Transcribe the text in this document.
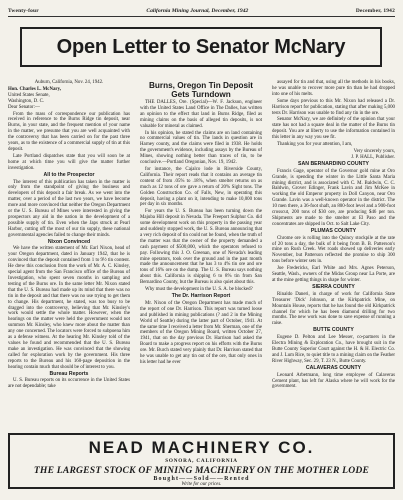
Twenty-four	California Mining Journal, December, 1942	December, 1942
Open Letter to Senator McNary
Auburn, California, Nov. 24, 1942.

Hon. Charles L. McNary,
United States Senate,
Washington, D. C.
Dear Senator:—

From the mass of correspondence our publication has received in reference to the Burns Ridge tin deposit, near Burns, in your state, and the frequent mention of your name in the matter, we presume that you are well acquainted with the controversy that has been carried on for the past three years, as to the existence of a commercial supply of tin at this deposit.

Late Portland dispatches state that you will soon be at home at which time you will give the matter further investigation.

All to the Prospector

The interest of this publication has taken in the matter is only from the standpoint of giving the business and developers of this deposit a fair break. As we went into the matter, over a period of the last two years, we have become more and more convinced that neither the Oregon Department or the U. S. Bureau of Mines were interested in giving the prospectors any aid in the nation in the development of a possible supply of tin. Even when the Japs struck at Pearl Harbor, cutting off the most of our tin supply, these national governmental agencies failed to change their minds.

Nixon Convinced

We have the written statement of Mr. Earl Nixon, head of your Oregon department, dated in January 1942, that he is convinced that the deposit contained from 1 to 9½ tin content. He drew this conclusion from the work of Mr. A. C. Kinsley, special agent from the San Francisco office of the Bureau of Investigation, who spent seven months in sampling and testing of the Burns ore. In the same letter Mr. Nixon stated that the U. S. Bureau had made up its mind that there was no tin in the deposit and that there was no use trying to get them to change. His department, he stated, was too busy to be dragged into the controversy, believing that Mr. Kinsley's work would settle the whole matter. However, when the hearings on the matter were held the government would not summon Mr. Kinsley, who knew more about the matter than any one concerned. The locators were forced to subpoena him as a defense witness. At the hearing Mr. Kinsley told of the values he found and recommended that the U. S. Bureau make an investigation. He was convinced that the showing called for exploration work by the government. His three reports to the Bureau and his 160-page deposition in the hearing contain much that should be of interest to you.

Bureau Reports

U. S. Bureau reports on its occurrence in the United States are not dependable; take

Burns, Oregon Tin Deposit Gets Turndown

THE DALLES, Ore. (Special)—W. F. Jackson, engineer with the United States Land Office in The Dalles, has written an opinion to the effect that land in Burns Ridge, filed as mining claims on the basis of alleged tin deposits, is not valuable for mineral as claimed.

In his opinion, he stated the claims are on land containing no commercial values of tin. The lands in question are in Harney county, and the claims were filed in 1938. He holds the government's evidence, including assays by the Bureau of Mines, showing nothing better than traces of tin, to be conclusive.—Portland Oregonian, Nov. 19, 1942.

for instance, the Cajalco lode in Riverside County, California. Their report reads that it contains an average tin content of from .05% to .18%, when smelter returns on as much as 12 tons of ore gave a return of 20% Sight tons. The Golden Construction Co. of Falls, New, in operating this deposit, having a plant on it, intending to make 10,000 tons per day in six months.

For years the U. S. Bureau has been turning down the Majuba Hill deposit in Nevada. The Freeport Sulphur Co. did some development work on this property in the passing year and suddenly stopped work, the U. S. Bureau announcing that a very rich deposit of tin could not be found, when the truth of the matter was that the owner of the property demanded a cash payment of $500,000, which the operators refused to pay. Following this J. O. Greenan, one of Nevada's leading mine operators, took over the ground and in the past month made the announcement that he has 3 to 4% tin ore and ore tons of 16% ore on the dump. The U. S. Bureau says nothing about this. California is shipping 6 to 8% tin from San Bernardino County, but the Bureau is also quiet about this.

Why must the development in the U. S. A. be blocked?

The Dr. Harrison Report

Mr. Nixon of the Oregon Department has made much of the report of one Dr. Harrison. This report was turned loose and published in mining publications (? and 2 in the Mining World of Seattle) during the latter part of October, 1941. At the same time I received a letter from Mr. Sherman, one of the members of the Oregon Mining Board, written October 27, 1941, that on the day previous Dr. Harrison had asked the Board to make a progress report on his efforts with the Burns ore. Mr. Burch stated very plainly that Dr. Harrison stated that he was unable to get any tin out of the ore, that only ones in his letter had he ever

assayed for tin and that, using all the methods in his books, he was unable to recover more pure tin than he had dropped into one of his melts.

Some days previous to this Mr. Nixon had released a Dr. Harrison report for publication, stating that after making 5,000 tests Dr. Harrison was unable to find any tin in the ore.

Senator McNary, we are definitely of the opinion that your state has not had a square deal in the matter of the Burns tin deposit. You are at liberty to use the information contained in this letter in any way you see fit.

Thanking you for your attention, I am,

Very sincerely yours,
J. P. HALL, Publisher.
SAN BERNARDINO COUNTY

Francis Gage, operator of the Governor gold mine at Oro Grande, is spending the winter in the Little Santa Maria mining district, and is associated with C. M. Baldwin, C. C. Baldwin, Grover Edinger, Frank Lavin and Jim McKee in working the old Emperor property in Doll Canyon, near Oro Grande. Lavin was a well-known operator in the district. The 10 men there, a 36-foot shaft, an 800-foot level and a 900-foot crosscut, 200 tons of $30 ore, are producing $46 per ton. Shipments are made to the smelter at El Paso and the concentrates are shipped in Oct. to Salt Lake City.

PLUMAS COUNTY

Chrome ore is rolling into the Quincy stockpile at the rate of 20 tons a day, the bulk of it being from B. B. Patterson's mine on Rush Creek. Wet roads showed up deliveries early November, but Patterson reflected the promise to ship 300 tons before winter sets in.

Joe Fredericks, Earl White and Mrs. Agnes Peterson, Seattle, Wash., owners of the Midas Group near La Porte, are at the mine getting things in shape for winter.

SIERRA COUNTY

Rinaldo Daneri, in charge of work for California State Treasurer 'Dick' Johnson, at the Kirkpatrick Mine, on Mountain House, reports that he has found the old Kirkpatrick channel for which he has been diamond drilling for two months. The new work was done to save expense of running a raise.

BUTTE COUNTY

Eugene D. Pelton and Lee Messer, co-partners in the Electra Mining & Exploration Co., have brought suit in the Butte County Superior Court against the H. & H. Electric Co. and J. Lum Rice, to quiet title to a mining claim on the Feather River Highway, Sec. 29, T. 23 N., Butte County.

CALAVERAS COUNTY

Leonard Arbetmann, long time employee of Calaveras Cement plant, has left for Alaska where he will work for the government.

NEAD MACHINERY CO.
SONORA, CALIFORNIA
THE LARGEST STOCK OF MINING MACHINERY ON THE MOTHER LODE
Bought——Sold——Rented
Write for our prices.
